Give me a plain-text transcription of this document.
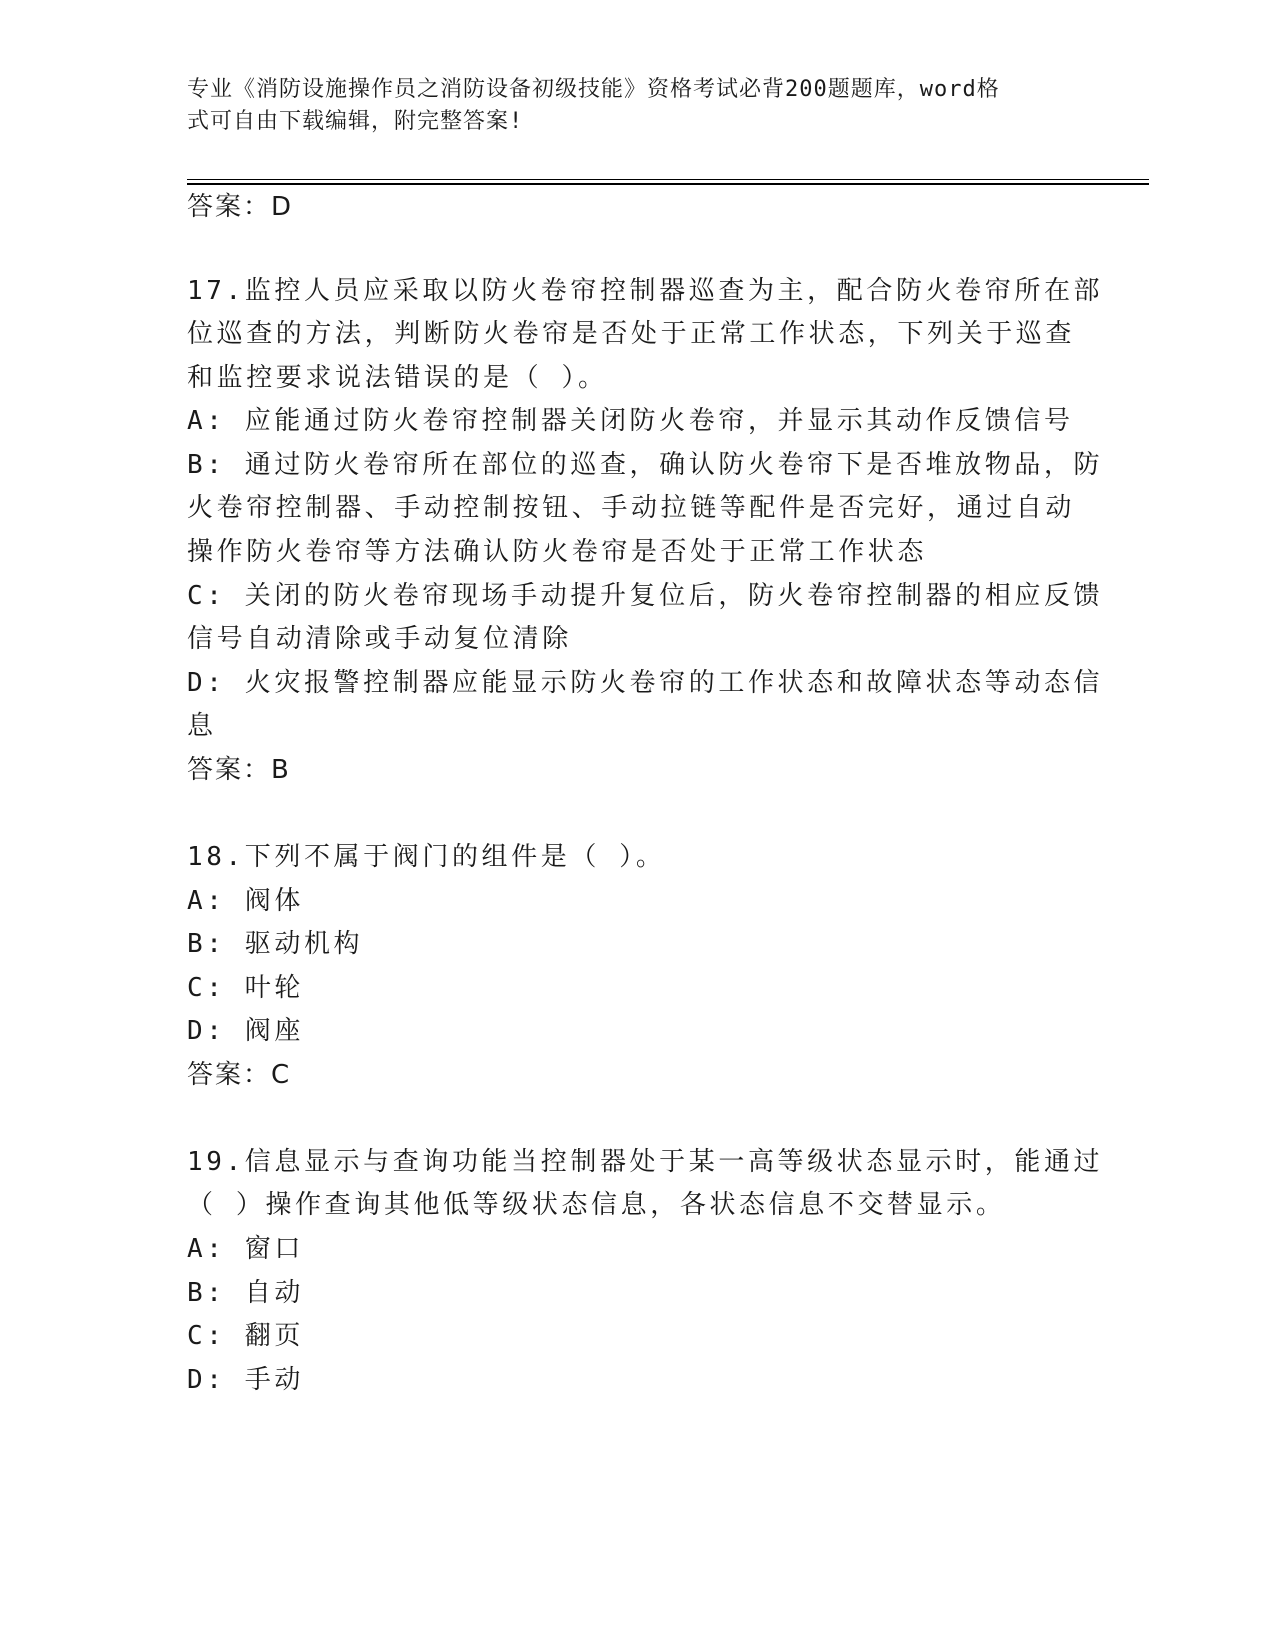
专业《消防设施操作员之消防设备初级技能》资格考试必背200题题库，word格
式可自由下载编辑，附完整答案!
答案：D
17.监控人员应采取以防火卷帘控制器巡查为主，配合防火卷帘所在部
位巡查的方法，判断防火卷帘是否处于正常工作状态，下列关于巡查
和监控要求说法错误的是（ ）。
A: 应能通过防火卷帘控制器关闭防火卷帘，并显示其动作反馈信号
B: 通过防火卷帘所在部位的巡查，确认防火卷帘下是否堆放物品，防
火卷帘控制器、手动控制按钮、手动拉链等配件是否完好，通过自动
操作防火卷帘等方法确认防火卷帘是否处于正常工作状态
C: 关闭的防火卷帘现场手动提升复位后，防火卷帘控制器的相应反馈
信号自动清除或手动复位清除
D: 火灾报警控制器应能显示防火卷帘的工作状态和故障状态等动态信
息
答案：B
18.下列不属于阀门的组件是（ ）。
A: 阀体
B: 驱动机构
C: 叶轮
D: 阀座
答案：C
19.信息显示与查询功能当控制器处于某一高等级状态显示时，能通过
（ ）操作查询其他低等级状态信息，各状态信息不交替显示。
A: 窗口
B: 自动
C: 翻页
D: 手动
